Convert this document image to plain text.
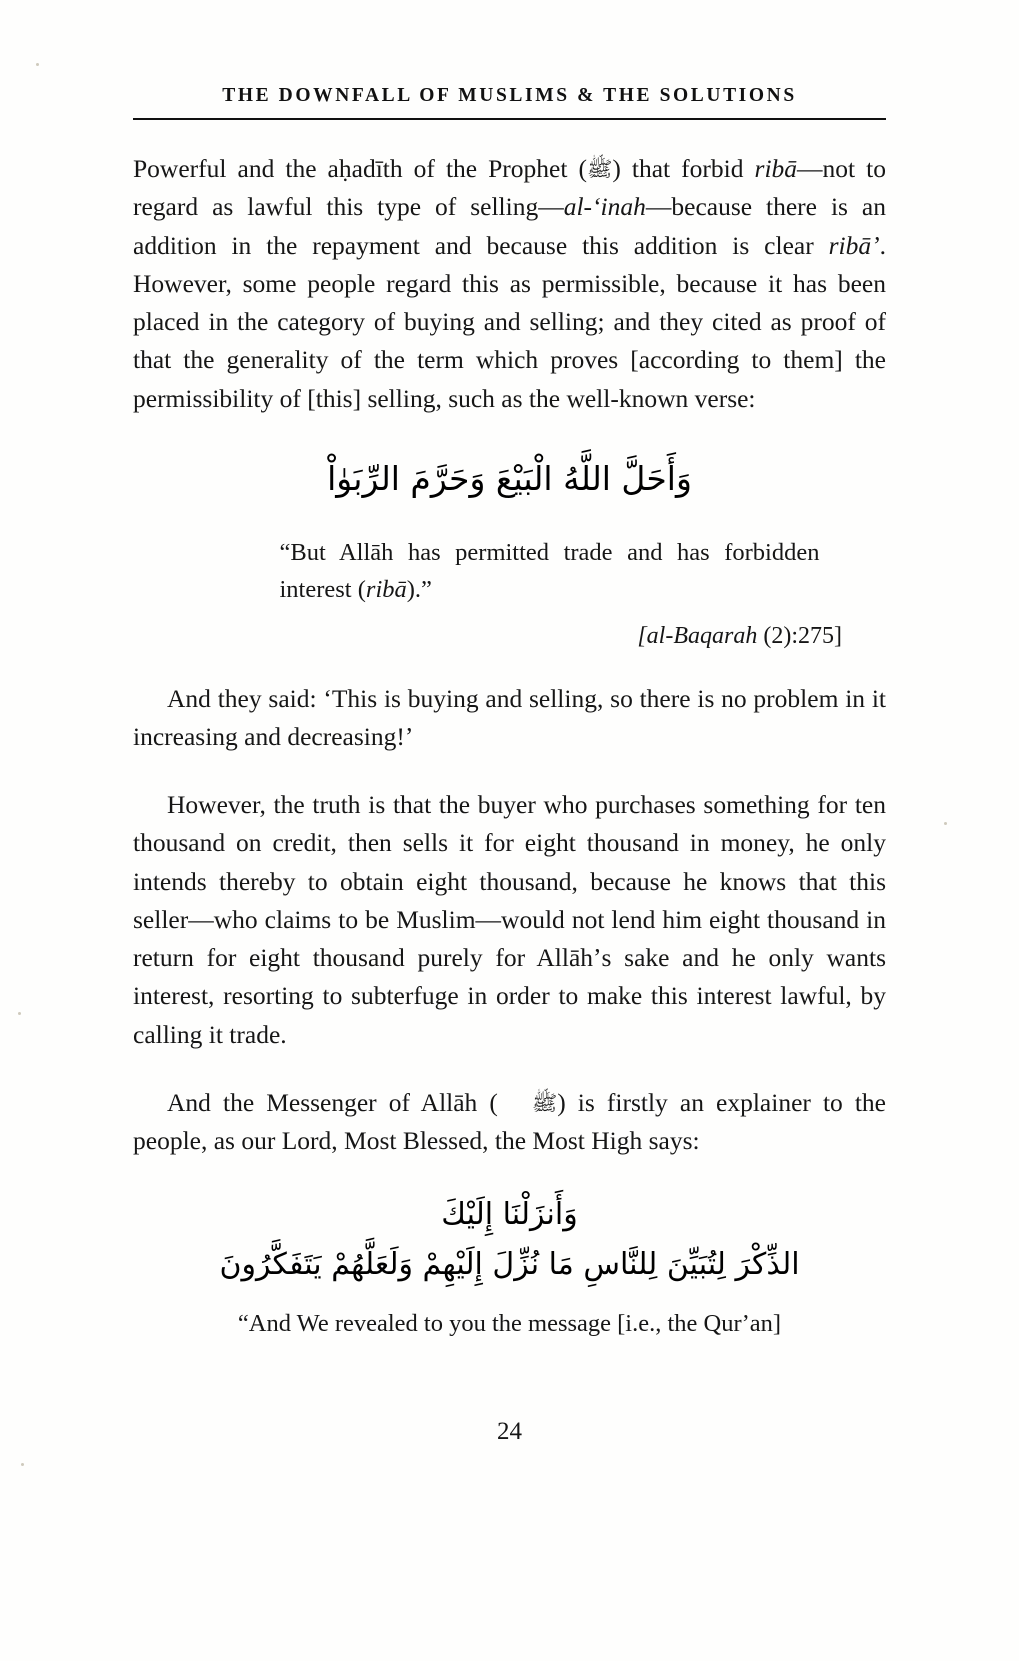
THE DOWNFALL OF MUSLIMS & THE SOLUTIONS

Powerful and the aḥadīth of the Prophet (ﷺ) that forbid ribā—not to regard as lawful this type of selling—al-ʻinah—because there is an addition in the repayment and because this addition is clear ribāʼ. However, some people regard this as permissible, because it has been placed in the category of buying and selling; and they cited as proof of that the generality of the term which proves [according to them] the permissibility of [this] selling, such as the well-known verse:

وَأَحَلَّ اللَّهُ الْبَيْعَ وَحَرَّمَ الرِّبَوٰاْ
“But Allāh has permitted trade and has forbidden interest (ribā).”
[al-Baqarah (2):275]

And they said: ʻThis is buying and selling, so there is no problem in it increasing and decreasing!ʼ

However, the truth is that the buyer who purchases something for ten thousand on credit, then sells it for eight thousand in money, he only intends thereby to obtain eight thousand, because he knows that this seller—who claims to be Muslim—would not lend him eight thousand in return for eight thousand purely for Allāhʼs sake and he only wants interest, resorting to subterfuge in order to make this interest lawful, by calling it trade.

And the Messenger of Allāh ( ﷺ) is firstly an explainer to the people, as our Lord, Most Blessed, the Most High says:

وَأَنزَلْنَا إِلَيْكَ
الذِّكْرَ لِتُبَيِّنَ لِلنَّاسِ مَا نُزِّلَ إِلَيْهِمْ وَلَعَلَّهُمْ يَتَفَكَّرُونَ
“And We revealed to you the message [i.e., the Qurʼan]
24
